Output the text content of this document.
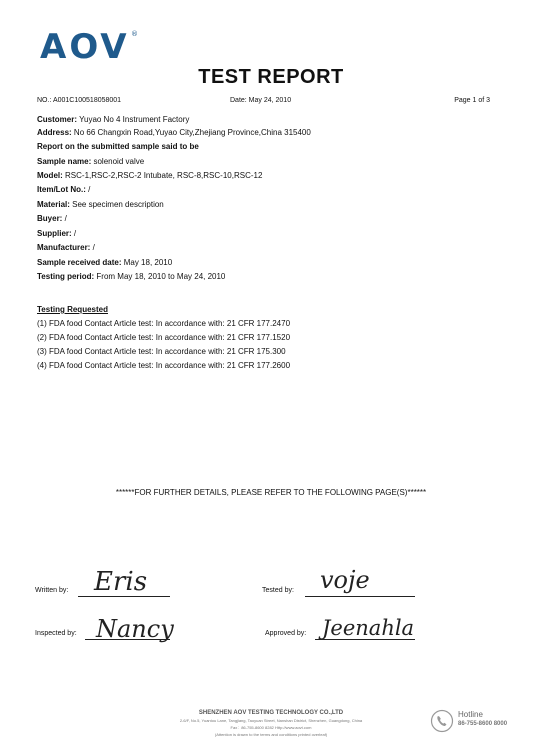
AOV ®
TEST REPORT
NO.: A001C100518058001	Date: May 24, 2010	Page 1 of 3
Customer: Yuyao No 4 Instrument Factory
Address: No 66 Changxin Road,Yuyao City,Zhejiang Province,China 315400
Report on the submitted sample said to be
Sample name: solenoid valve
Model: RSC-1,RSC-2,RSC-2 Intubate, RSC-8,RSC-10,RSC-12
Item/Lot No.: /
Material: See specimen description
Buyer: /
Supplier: /
Manufacturer: /
Sample received date: May 18, 2010
Testing period: From May 18, 2010 to May 24, 2010
Testing Requested
(1) FDA food Contact Article test: In accordance with: 21 CFR 177.2470
(2) FDA food Contact Article test: In accordance with: 21 CFR 177.1520
(3) FDA food Contact Article test: In accordance with: 21 CFR 175.300
(4) FDA food Contact Article test: In accordance with: 21 CFR 177.2600
******FOR FURTHER DETAILS, PLEASE REFER TO THE FOLLOWING PAGE(S)******
Written by: Eris	Tested by: voje
Inspected by: Nancy	Approved by: Jeenahla
SHENZHEN AOV TESTING TECHNOLOGY CO.,LTD
2-6/F, No.5, Yuantou Lane, Tangjiang, Taoyuan Street, Nanshan District, Shenzhen, Guangdong, China
Fax：86-755-8600 8282 Http://www.aovt.com
(Attention is drawn to the terms and conditions printed overleaf)
Hotline
86-755-8600 8000
